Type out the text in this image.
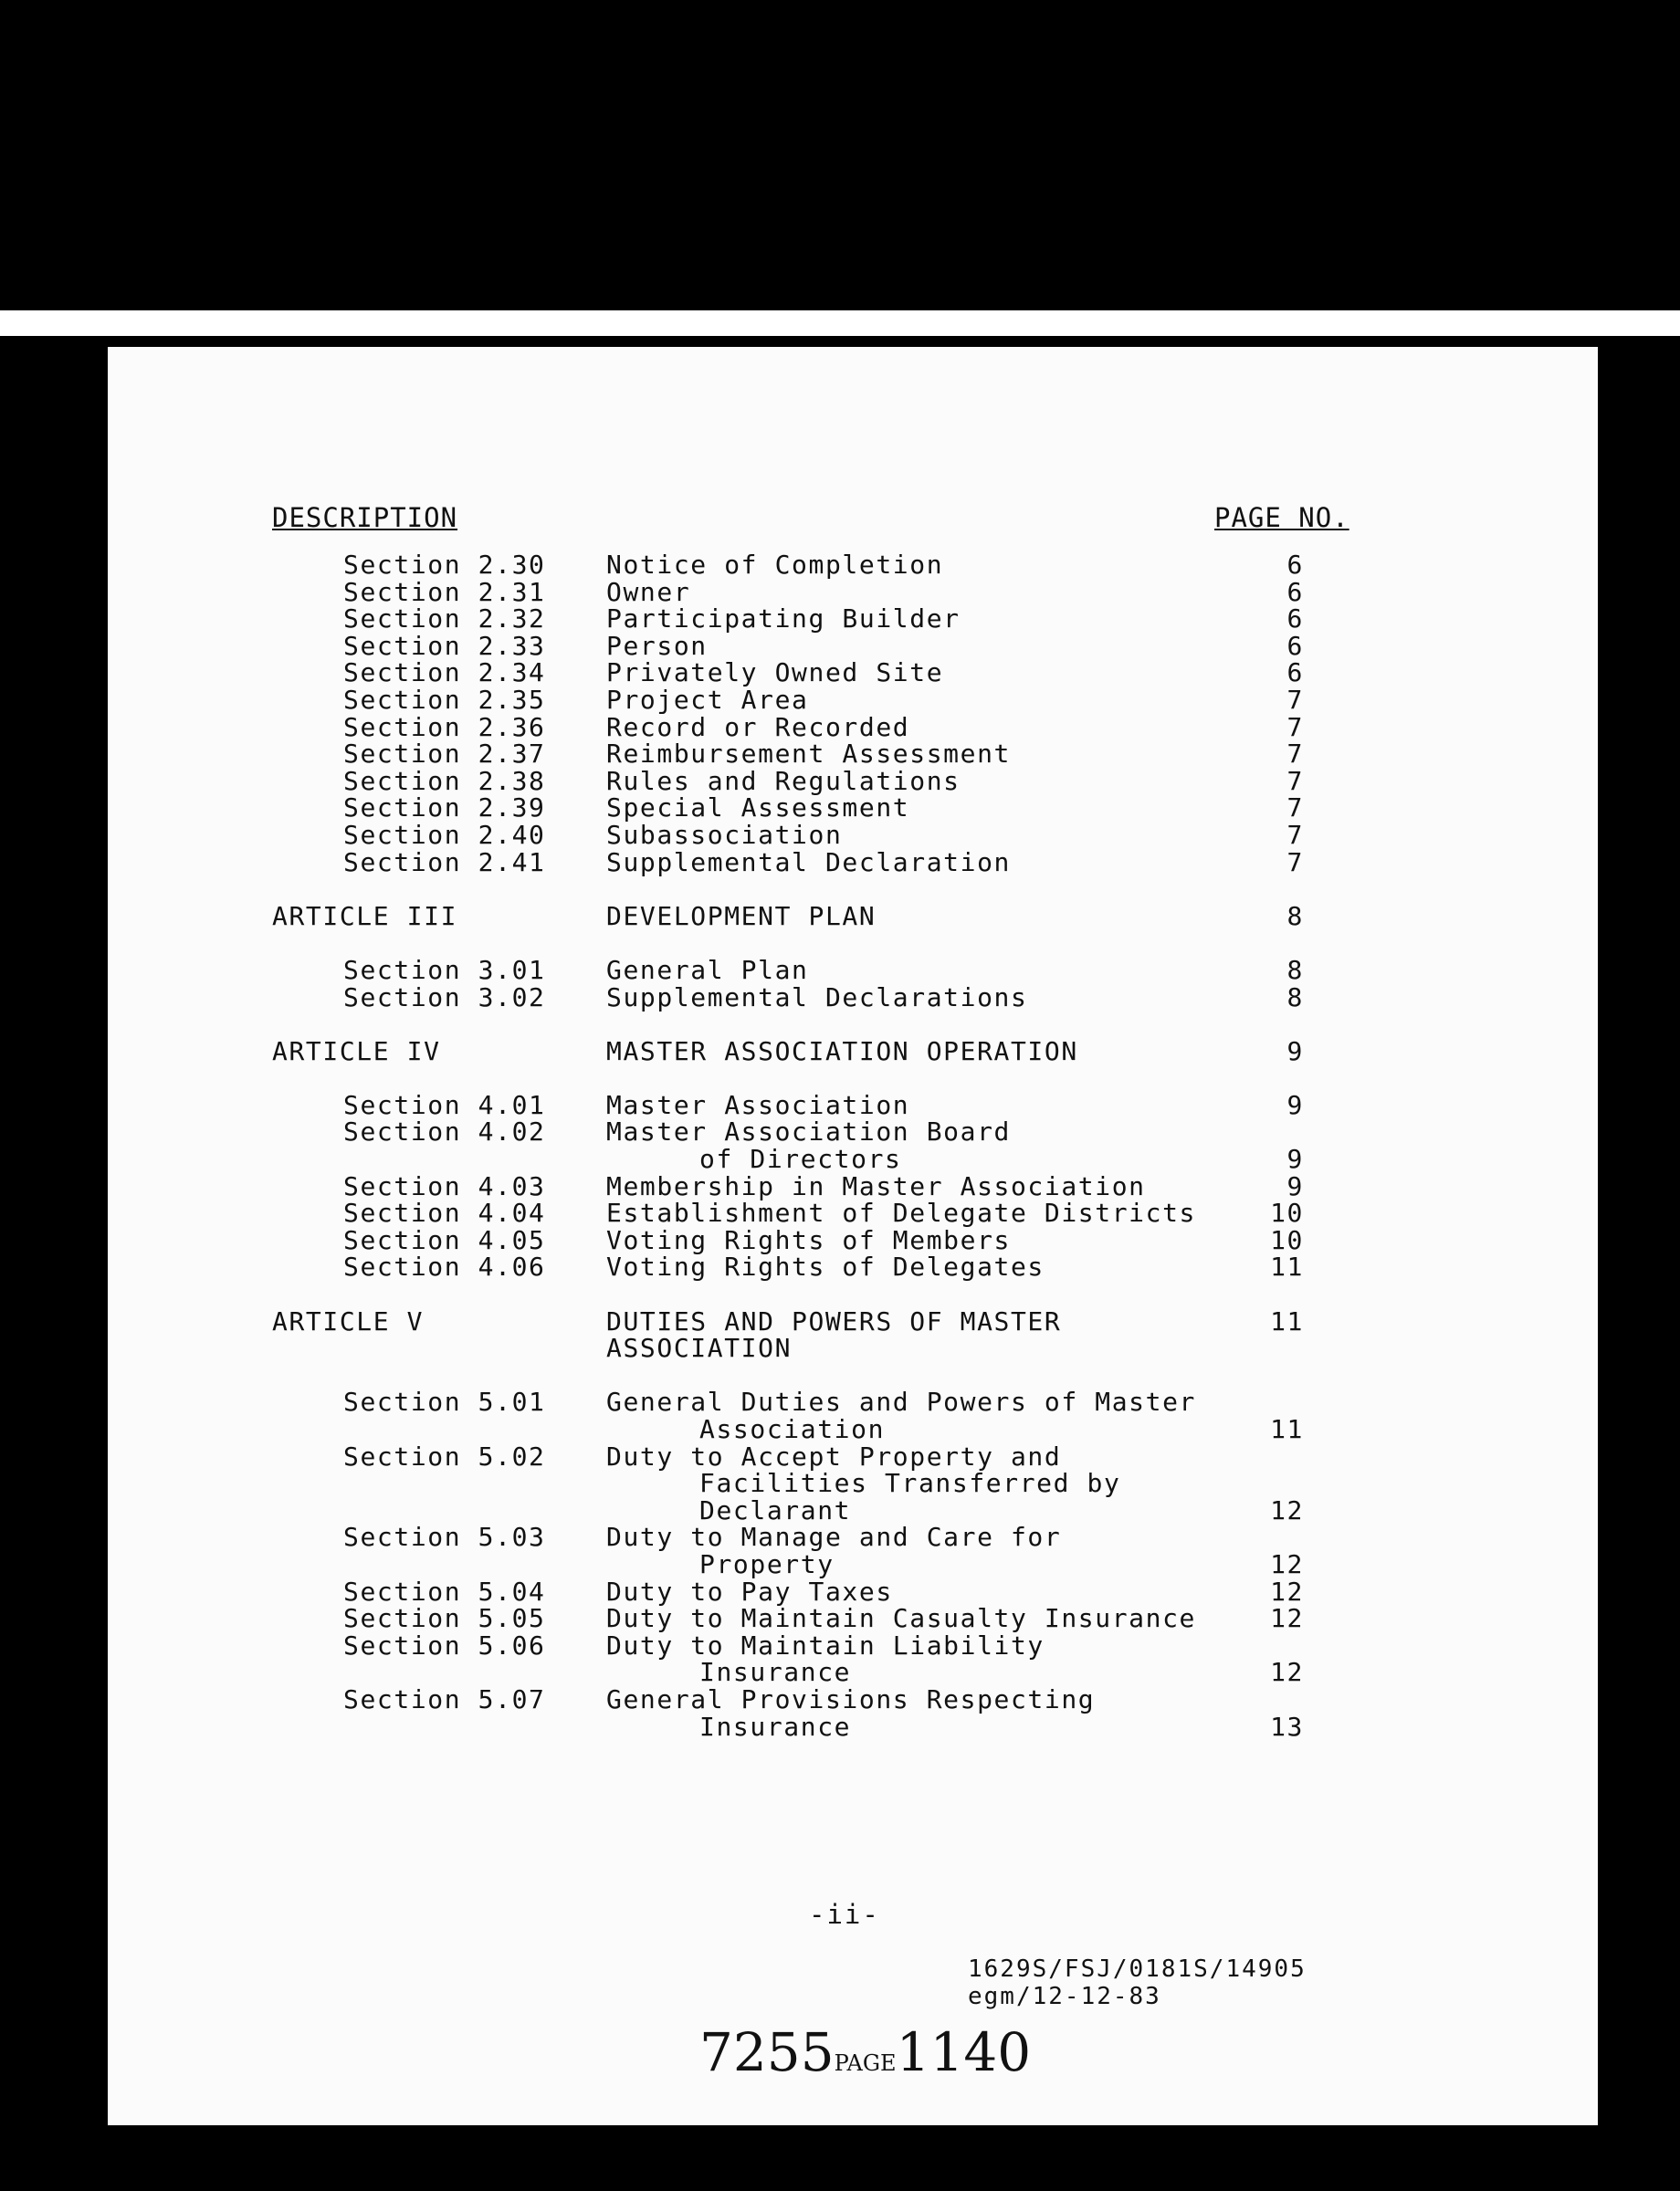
DESCRIPTION	PAGE NO.
Section 2.30 Notice of Completion	6
Section 2.31 Owner	6
Section 2.32 Participating Builder	6
Section 2.33 Person	6
Section 2.34 Privately Owned Site	6
Section 2.35 Project Area	7
Section 2.36 Record or Recorded	7
Section 2.37 Reimbursement Assessment	7
Section 2.38 Rules and Regulations	7
Section 2.39 Special Assessment	7
Section 2.40 Subassociation	7
Section 2.41 Supplemental Declaration	7
ARTICLE III	DEVELOPMENT PLAN	8
Section 3.01 General Plan	8
Section 3.02 Supplemental Declarations	8
ARTICLE IV	MASTER ASSOCIATION OPERATION	9
Section 4.01 Master Association	9
Section 4.02 Master Association Board
of Directors	9
Section 4.03 Membership in Master Association	9
Section 4.04 Establishment of Delegate Districts	10
Section 4.05 Voting Rights of Members	10
Section 4.06 Voting Rights of Delegates	11
ARTICLE V	DUTIES AND POWERS OF MASTER	11
ASSOCIATION
Section 5.01 General Duties and Powers of Master
Association	11
Section 5.02 Duty to Accept Property and
Facilities Transferred by
Declarant	12
Section 5.03 Duty to Manage and Care for
Property	12
Section 5.04 Duty to Pay Taxes	12
Section 5.05 Duty to Maintain Casualty Insurance	12
Section 5.06 Duty to Maintain Liability
Insurance	12
Section 5.07 General Provisions Respecting
Insurance	13
-ii-
1629S/FSJ/0181S/14905
egm/12-12-83
7255PAGE1140
